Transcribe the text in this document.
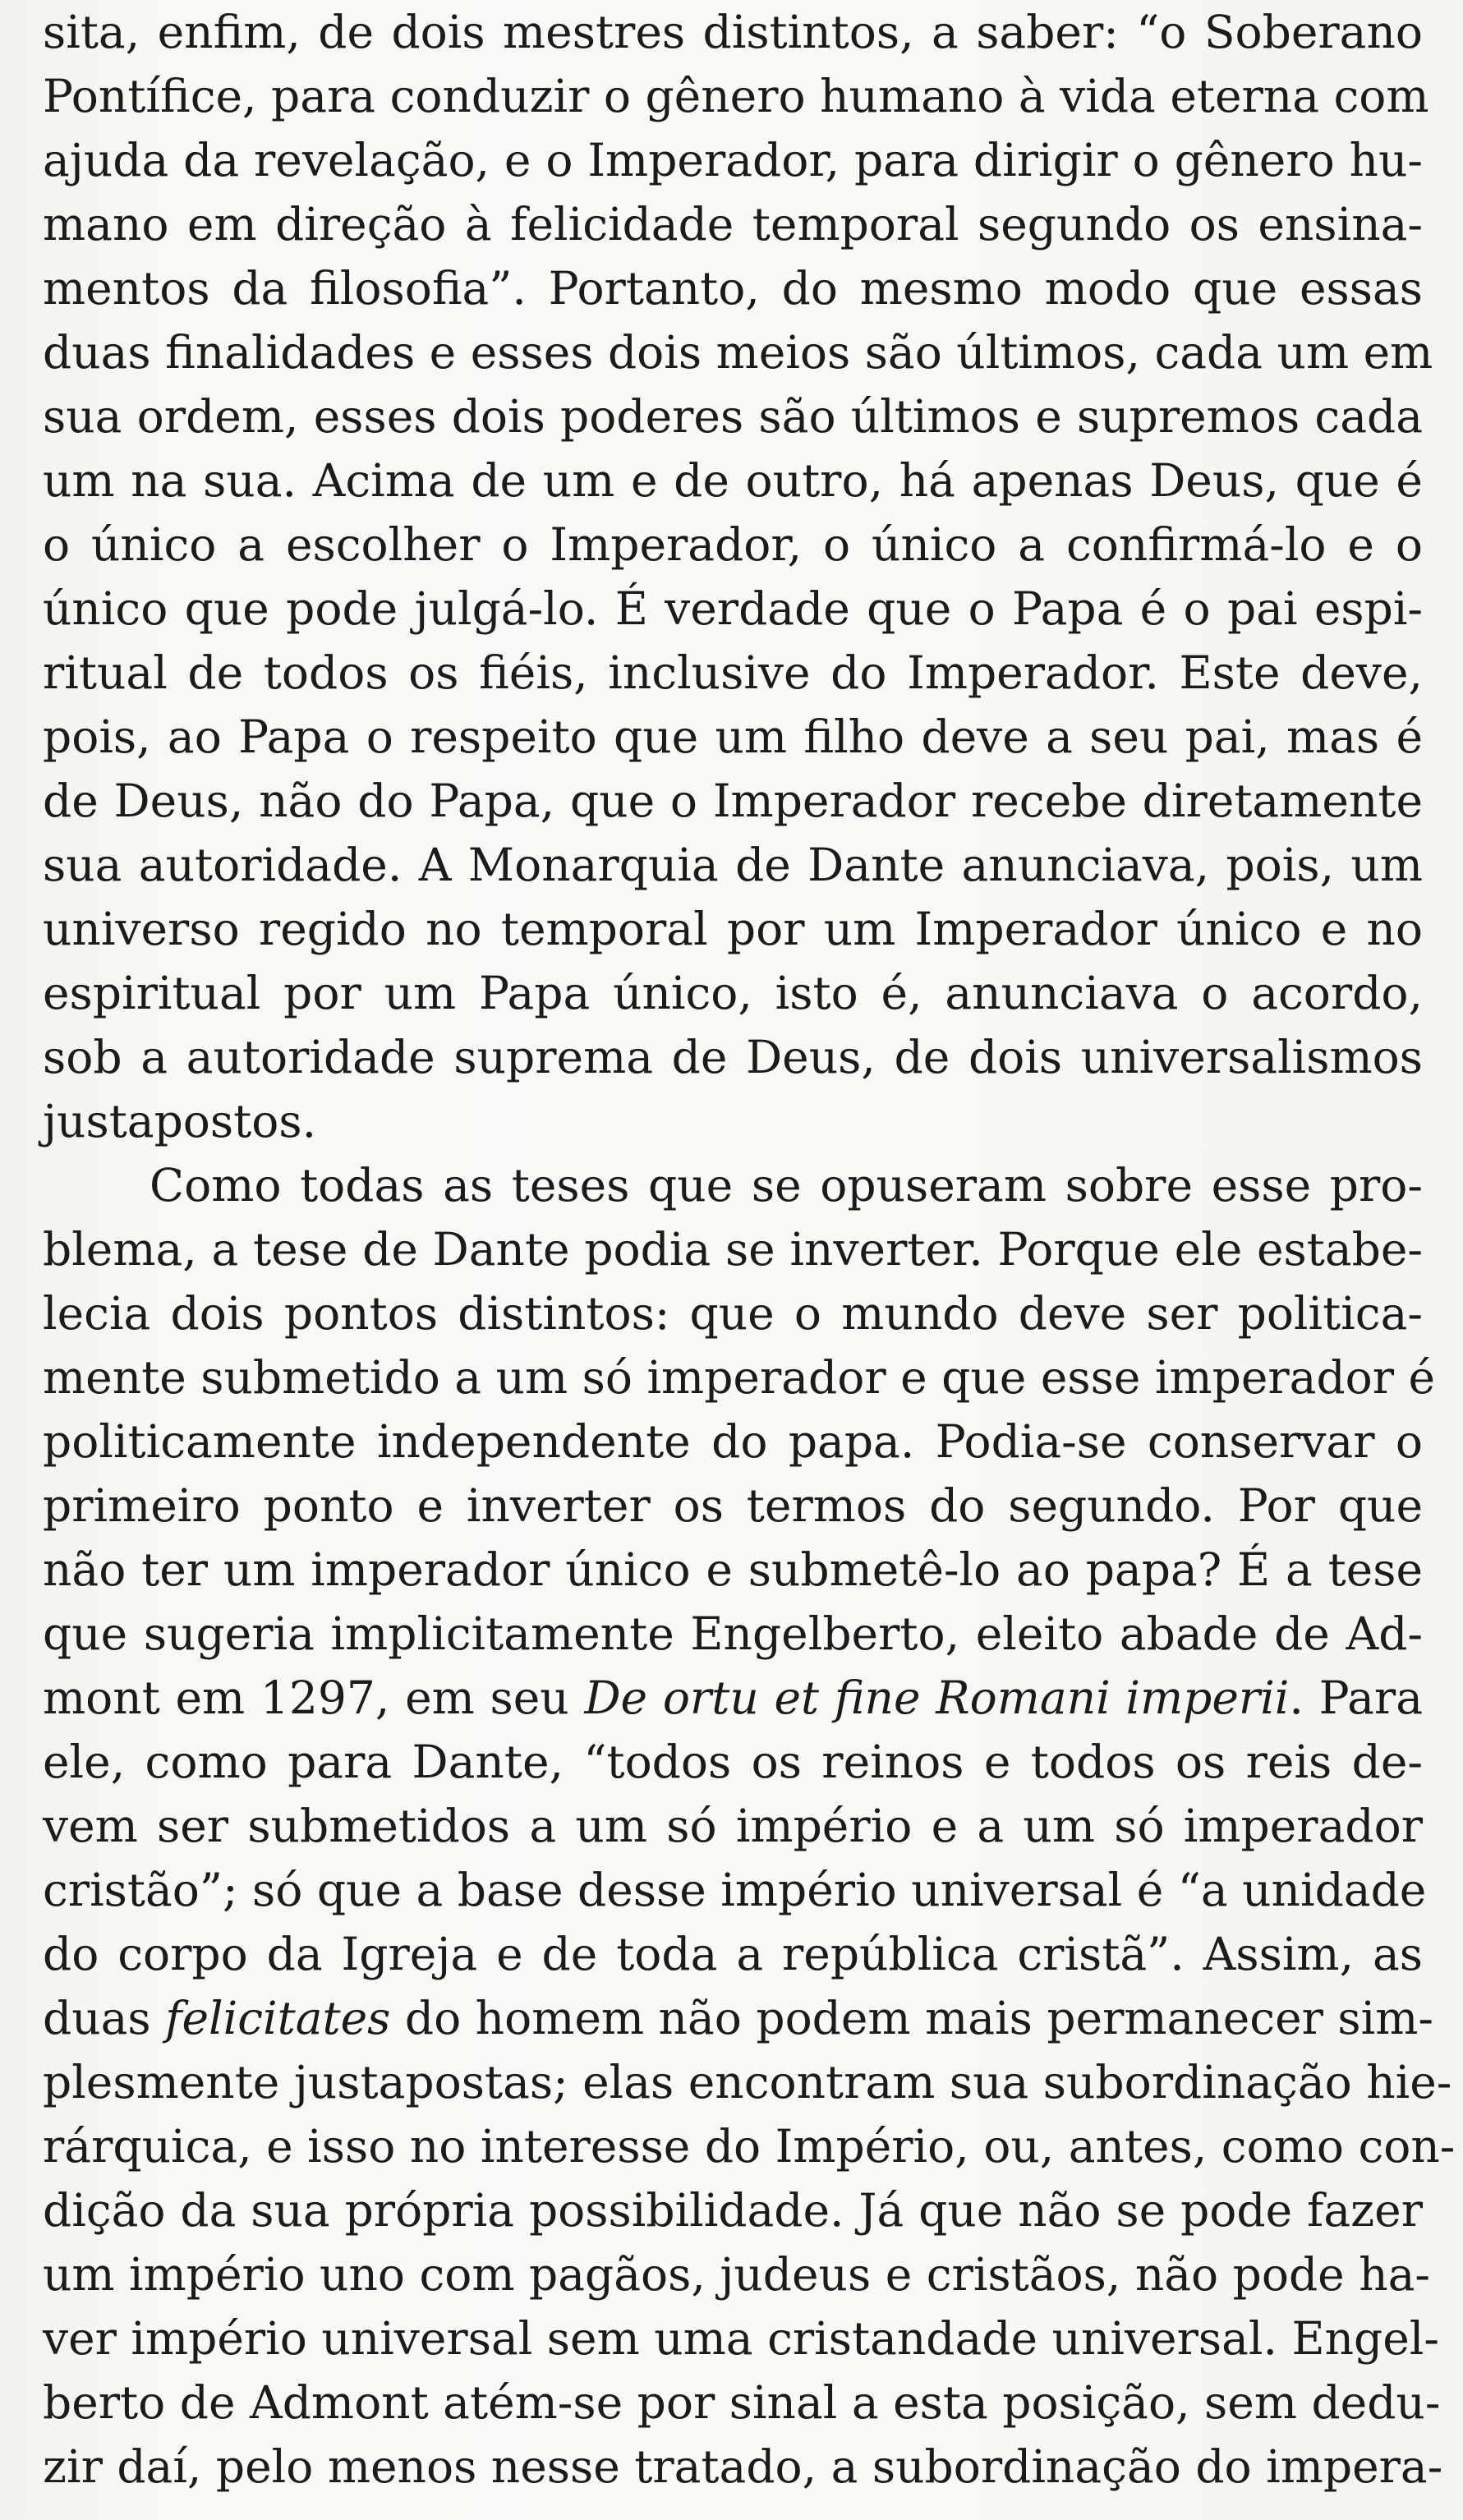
sita, enfim, de dois mestres distintos, a saber: “o Soberano
Pontífice, para conduzir o gênero humano à vida eterna com
ajuda da revelação, e o Imperador, para dirigir o gênero hu-
mano em direção à felicidade temporal segundo os ensina-
mentos da filosofia”. Portanto, do mesmo modo que essas
duas finalidades e esses dois meios são últimos, cada um em
sua ordem, esses dois poderes são últimos e supremos cada
um na sua. Acima de um e de outro, há apenas Deus, que é
o único a escolher o Imperador, o único a confirmá-lo e o
único que pode julgá-lo. É verdade que o Papa é o pai espi-
ritual de todos os fiéis, inclusive do Imperador. Este deve,
pois, ao Papa o respeito que um filho deve a seu pai, mas é
de Deus, não do Papa, que o Imperador recebe diretamente
sua autoridade. A Monarquia de Dante anunciava, pois, um
universo regido no temporal por um Imperador único e no
espiritual por um Papa único, isto é, anunciava o acordo,
sob a autoridade suprema de Deus, de dois universalismos
justapostos.
Como todas as teses que se opuseram sobre esse pro-
blema, a tese de Dante podia se inverter. Porque ele estabe-
lecia dois pontos distintos: que o mundo deve ser politica-
mente submetido a um só imperador e que esse imperador é
politicamente independente do papa. Podia-se conservar o
primeiro ponto e inverter os termos do segundo. Por que
não ter um imperador único e submetê-lo ao papa? É a tese
que sugeria implicitamente Engelberto, eleito abade de Ad-
mont em 1297, em seu De ortu et fine Romani imperii. Para
ele, como para Dante, “todos os reinos e todos os reis de-
vem ser submetidos a um só império e a um só imperador
cristão”; só que a base desse império universal é “a unidade
do corpo da Igreja e de toda a república cristã”. Assim, as
duas felicitates do homem não podem mais permanecer sim-
plesmente justapostas; elas encontram sua subordinação hie-
rárquica, e isso no interesse do Império, ou, antes, como con-
dição da sua própria possibilidade. Já que não se pode fazer
um império uno com pagãos, judeus e cristãos, não pode ha-
ver império universal sem uma cristandade universal. Engel-
berto de Admont atém-se por sinal a esta posição, sem dedu-
zir daí, pelo menos nesse tratado, a subordinação do impera-
